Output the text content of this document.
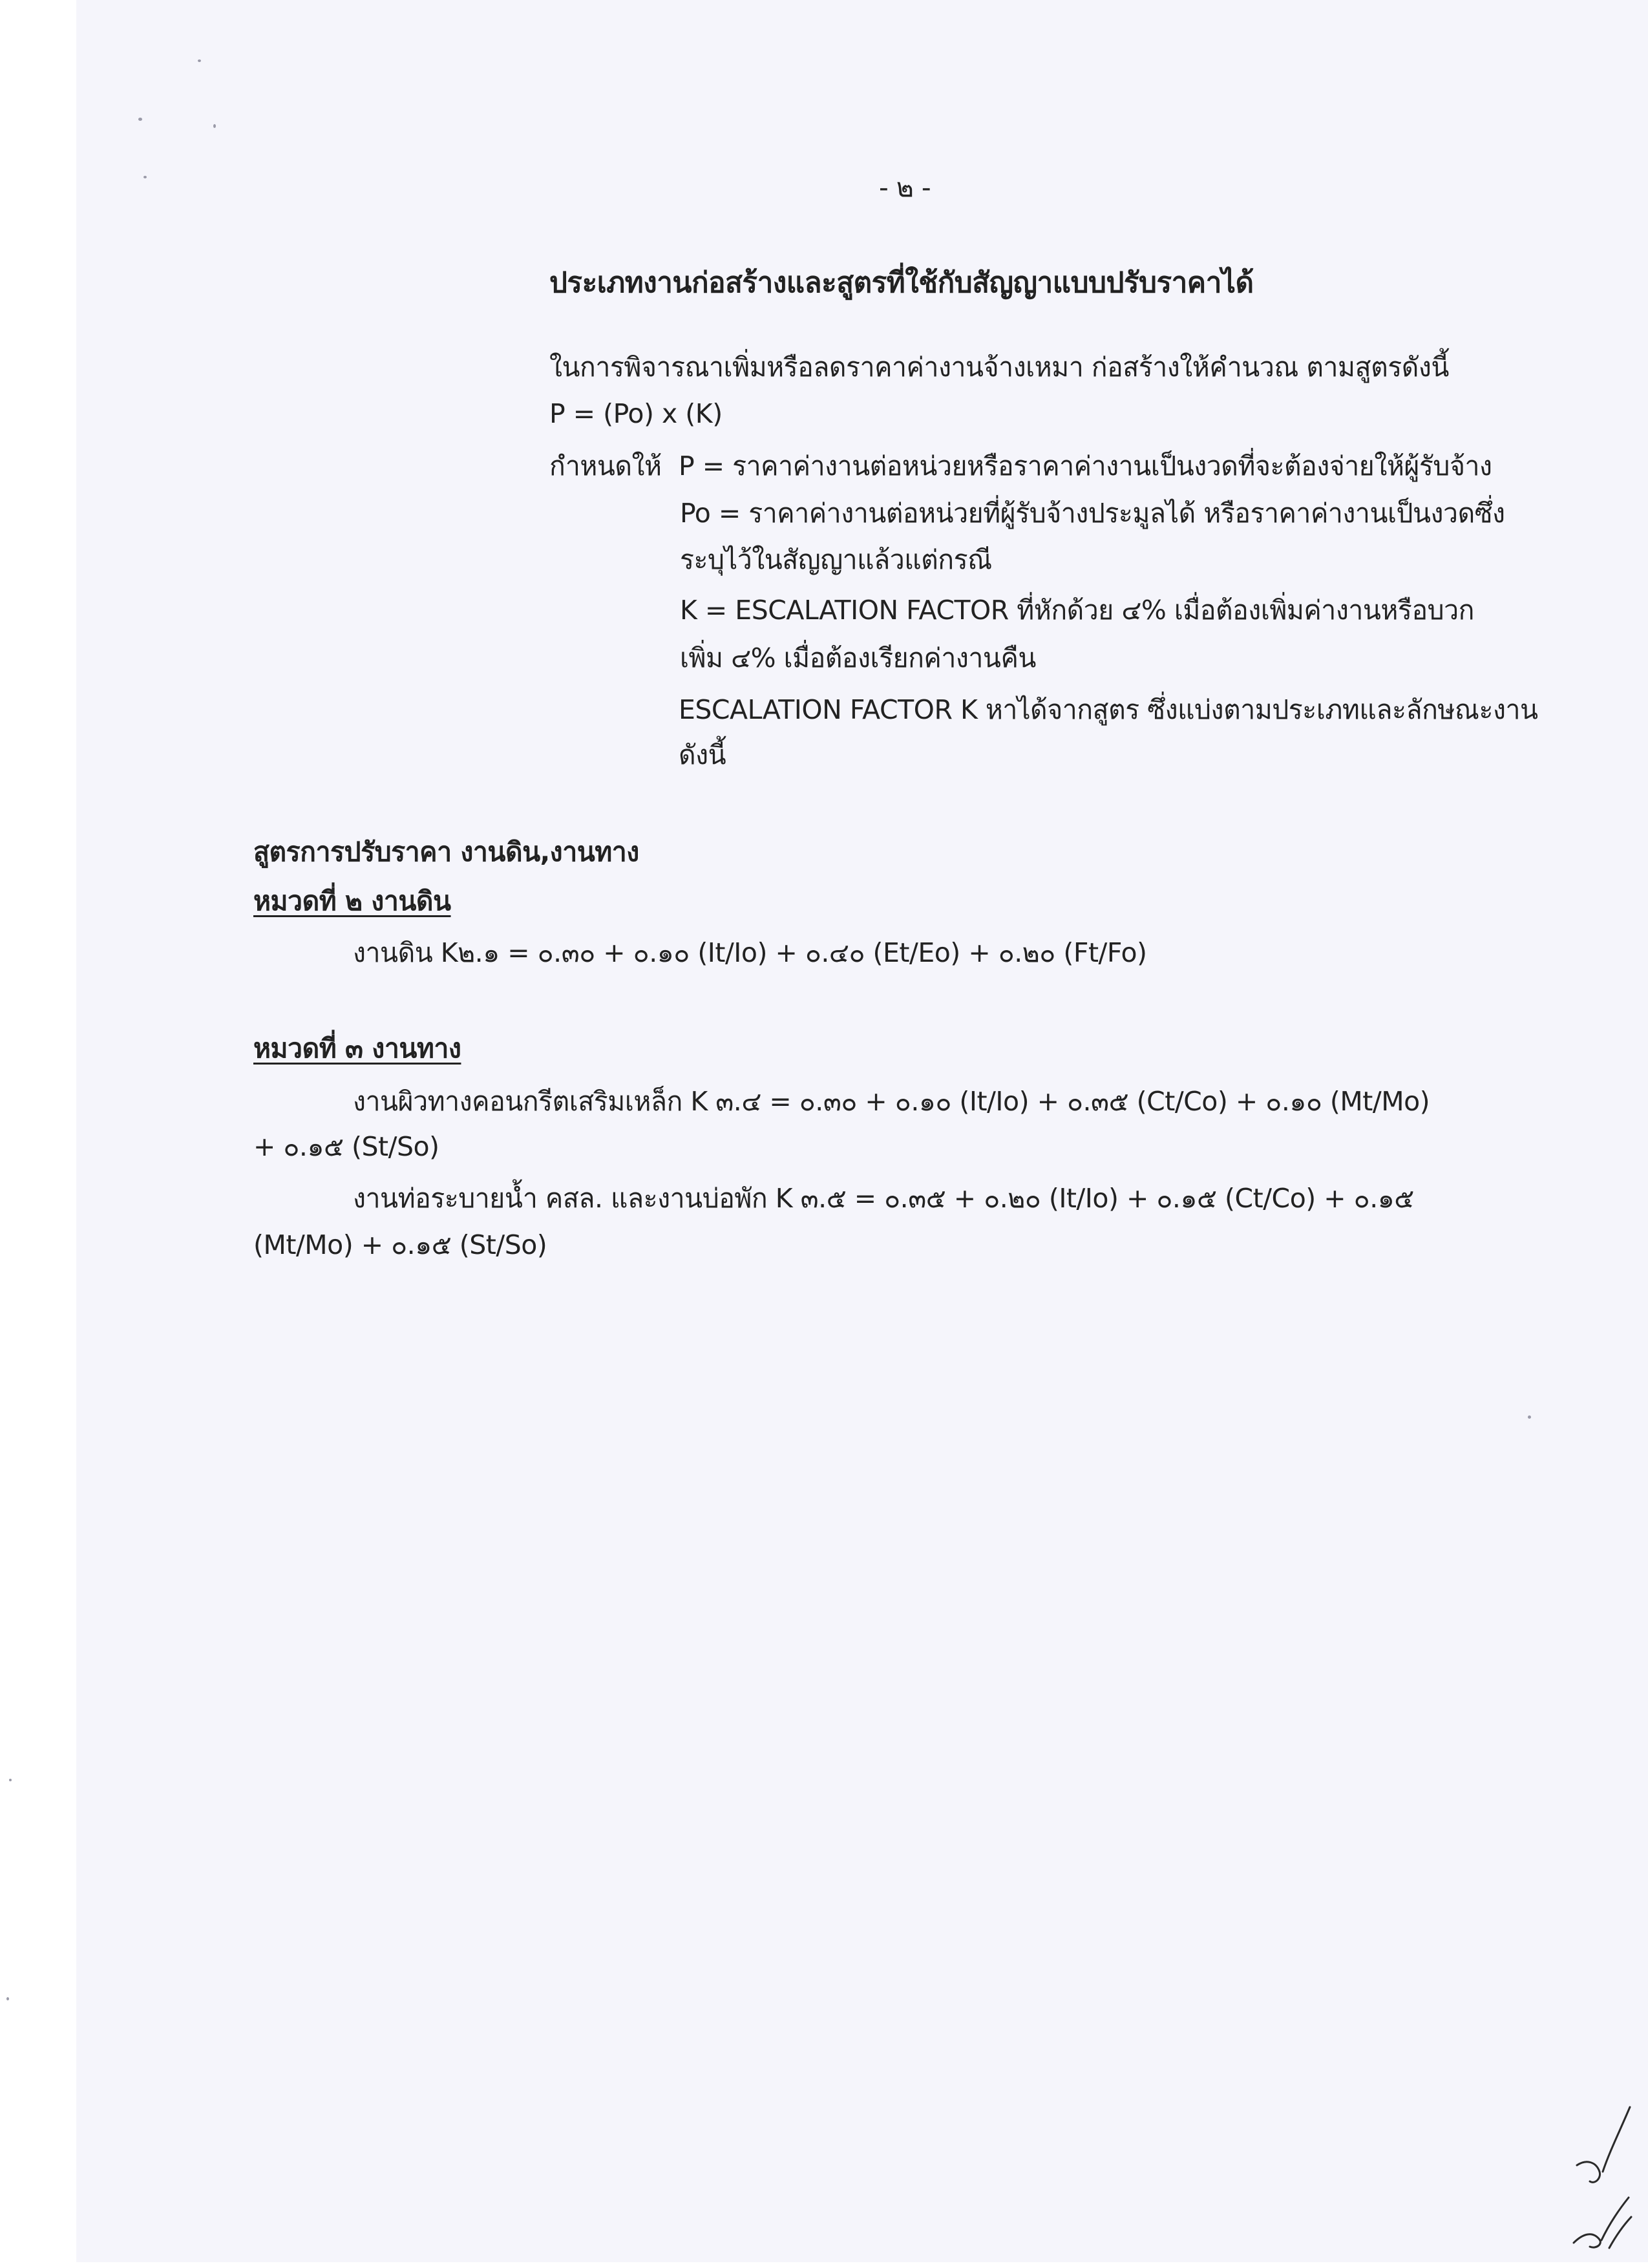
- ๒ -
ประเภทงานก่อสร้างและสูตรที่ใช้กับสัญญาแบบปรับราคาได้
ในการพิจารณาเพิ่มหรือลดราคาค่างานจ้างเหมา ก่อสร้างให้คำนวณ ตามสูตรดังนี้
P = (Po) x (K)
กำหนดให้ P = ราคาค่างานต่อหน่วยหรือราคาค่างานเป็นงวดที่จะต้องจ่ายให้ผู้รับจ้าง
Po = ราคาค่างานต่อหน่วยที่ผู้รับจ้างประมูลได้ หรือราคาค่างานเป็นงวดซึ่ง
ระบุไว้ในสัญญาแล้วแต่กรณี
K = ESCALATION FACTOR ที่หักด้วย ๔% เมื่อต้องเพิ่มค่างานหรือบวก
เพิ่ม ๔% เมื่อต้องเรียกค่างานคืน
ESCALATION FACTOR K หาได้จากสูตร ซึ่งแบ่งตามประเภทและลักษณะงาน
ดังนี้
สูตรการปรับราคา งานดิน,งานทาง
หมวดที่ ๒ งานดิน
งานดิน K๒.๑ = ๐.๓๐ + ๐.๑๐ (It/Io) + ๐.๔๐ (Et/Eo) + ๐.๒๐ (Ft/Fo)
หมวดที่ ๓ งานทาง
งานผิวทางคอนกรีตเสริมเหล็ก K ๓.๔ = ๐.๓๐ + ๐.๑๐ (It/Io) + ๐.๓๕ (Ct/Co) + ๐.๑๐ (Mt/Mo)
+ ๐.๑๕ (St/So)
งานท่อระบายน้ำ คสล. และงานบ่อพัก K ๓.๕ = ๐.๓๕ + ๐.๒๐ (It/Io) + ๐.๑๕ (Ct/Co) + ๐.๑๕
(Mt/Mo) + ๐.๑๕ (St/So)
